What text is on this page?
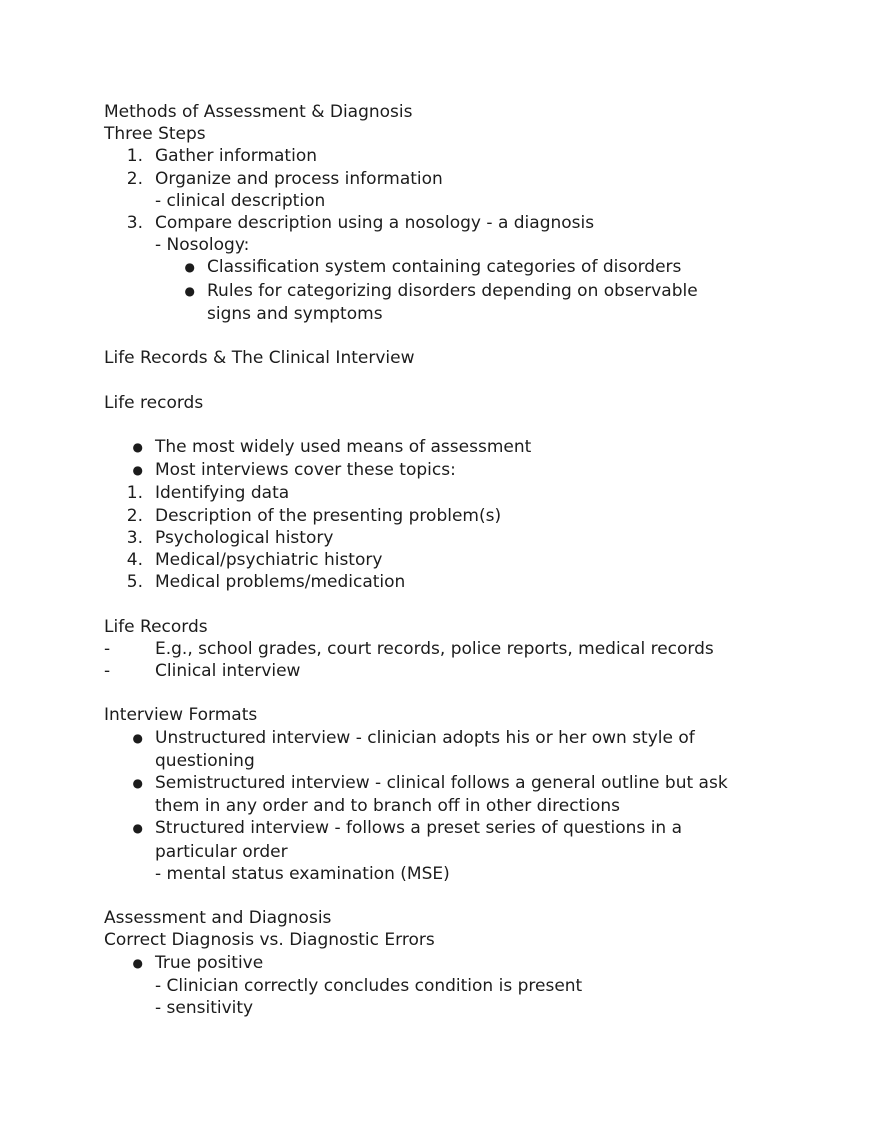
Methods of Assessment & Diagnosis
Three Steps
1. Gather information
2. Organize and process information
- clinical description
3. Compare description using a nosology - a diagnosis
- Nosology:
● Classification system containing categories of disorders
● Rules for categorizing disorders depending on observable
signs and symptoms
Life Records & The Clinical Interview
Life records
● The most widely used means of assessment
● Most interviews cover these topics:
1. Identifying data
2. Description of the presenting problem(s)
3. Psychological history
4. Medical/psychiatric history
5. Medical problems/medication
Life Records
-	E.g., school grades, court records, police reports, medical records
-	Clinical interview
Interview Formats
● Unstructured interview - clinician adopts his or her own style of
questioning
● Semistructured interview - clinical follows a general outline but ask
them in any order and to branch off in other directions
● Structured interview - follows a preset series of questions in a
particular order
- mental status examination (MSE)
Assessment and Diagnosis
Correct Diagnosis vs. Diagnostic Errors
● True positive
- Clinician correctly concludes condition is present
- sensitivity
